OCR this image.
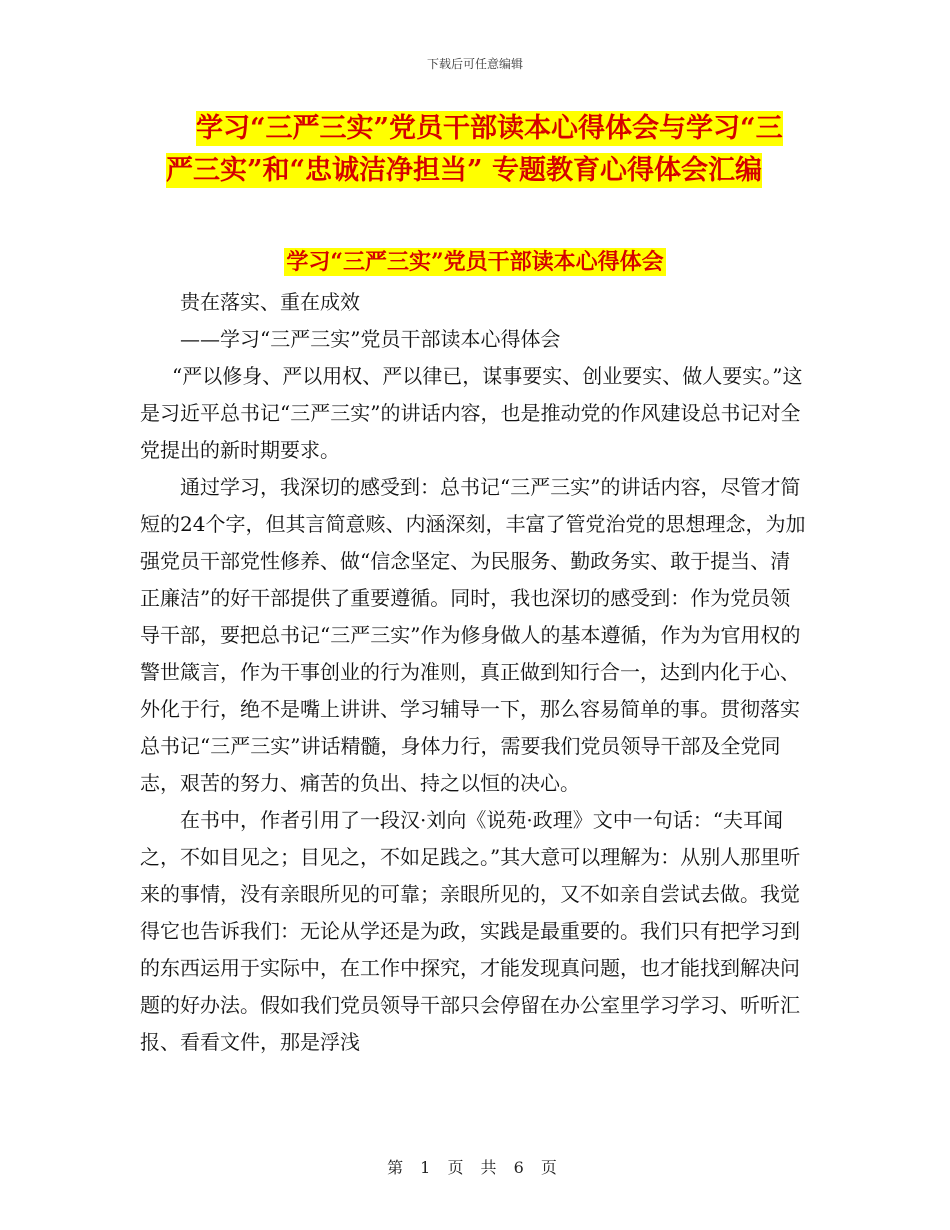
下载后可任意编辑
学习“三严三实”党员干部读本心得体会与学习“三
严三实”和“忠诚洁净担当” 专题教育心得体会汇编
学习“三严三实”党员干部读本心得体会

贵在落实、重在成效

——学习“三严三实”党员干部读本心得体会

“严以修身、严以用权、严以律已，谋事要实、创业要实、做人要实。”这是习近平总书记“三严三实”的讲话内容，也是推动党的作风建设总书记对全党提出的新时期要求。

通过学习，我深切的感受到：总书记“三严三实”的讲话内容，尽管才简短的24个字，但其言简意赅、内涵深刻，丰富了管党治党的思想理念，为加强党员干部党性修养、做“信念坚定、为民服务、勤政务实、敢于提当、清正廉洁”的好干部提供了重要遵循。同时，我也深切的感受到：作为党员领导干部，要把总书记“三严三实”作为修身做人的基本遵循，作为为官用权的警世箴言，作为干事创业的行为准则，真正做到知行合一，达到内化于心、外化于行，绝不是嘴上讲讲、学习辅导一下，那么容易简单的事。贯彻落实总书记“三严三实”讲话精髓，身体力行，需要我们党员领导干部及全党同志，艰苦的努力、痛苦的负出、持之以恒的决心。

在书中，作者引用了一段汉·刘向《说苑·政理》文中一句话：“夫耳闻之，不如目见之；目见之，不如足践之。”其大意可以理解为：从别人那里听来的事情，没有亲眼所见的可靠；亲眼所见的，又不如亲自尝试去做。我觉得它也告诉我们：无论从学还是为政，实践是最重要的。我们只有把学习到的东西运用于实际中，在工作中探究，才能发现真问题，也才能找到解决问题的好办法。假如我们党员领导干部只会停留在办公室里学习学习、听听汇报、看看文件，那是浮浅

第 1 页 共 6 页
